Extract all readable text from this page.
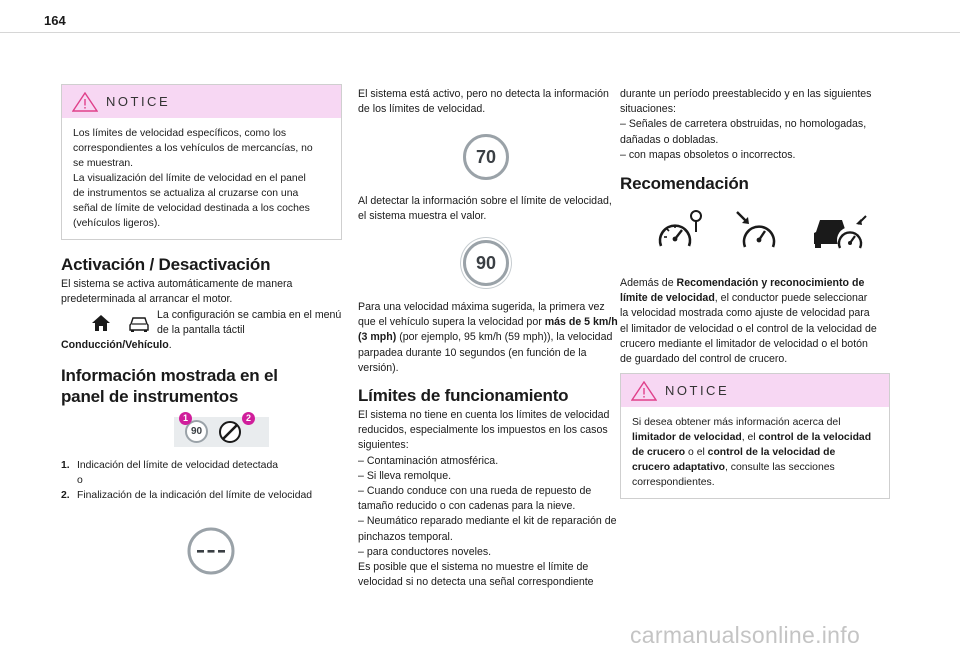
164
NOTICE
Los límites de velocidad específicos, como los
correspondientes a los vehículos de mercancías, no
se muestran.
La visualización del límite de velocidad en el panel
de instrumentos se actualiza al cruzarse con una
señal de límite de velocidad destinada a los coches
(vehículos ligeros).
Activación / Desactivación
El sistema se activa automáticamente de manera
predeterminada al arrancar el motor.
La configuración se cambia en el menú
de la pantalla táctil
Conducción/Vehículo.
Información mostrada en el
panel de instrumentos
90
1	2
1. Indicación del límite de velocidad detectada
o
2. Finalización de la indicación del límite de velocidad
El sistema está activo, pero no detecta la información
de los límites de velocidad.
70
Al detectar la información sobre el límite de velocidad,
el sistema muestra el valor.
90
Para una velocidad máxima sugerida, la primera vez
que el vehículo supera la velocidad por más de 5 km/h
(3 mph) (por ejemplo, 95 km/h (59 mph)), la velocidad
parpadea durante 10 segundos (en función de la
versión).
Límites de funcionamiento
El sistema no tiene en cuenta los límites de velocidad
reducidos, especialmente los impuestos en los casos
siguientes:
– Contaminación atmosférica.
– Si lleva remolque.
– Cuando conduce con una rueda de repuesto de
tamaño reducido o con cadenas para la nieve.
– Neumático reparado mediante el kit de reparación de
pinchazos temporal.
– para conductores noveles.
Es posible que el sistema no muestre el límite de
velocidad si no detecta una señal correspondiente
durante un período preestablecido y en las siguientes
situaciones:
– Señales de carretera obstruidas, no homologadas,
dañadas o dobladas.
– con mapas obsoletos o incorrectos.
Recomendación
Además de Recomendación y reconocimiento de
límite de velocidad, el conductor puede seleccionar
la velocidad mostrada como ajuste de velocidad para
el limitador de velocidad o el control de la velocidad de
crucero mediante el limitador de velocidad o el botón
de guardado del control de crucero.
NOTICE
Si desea obtener más información acerca del
limitador de velocidad, el control de la velocidad
de crucero o el control de la velocidad de
crucero adaptativo, consulte las secciones
correspondientes.
carmanualsonline.info
